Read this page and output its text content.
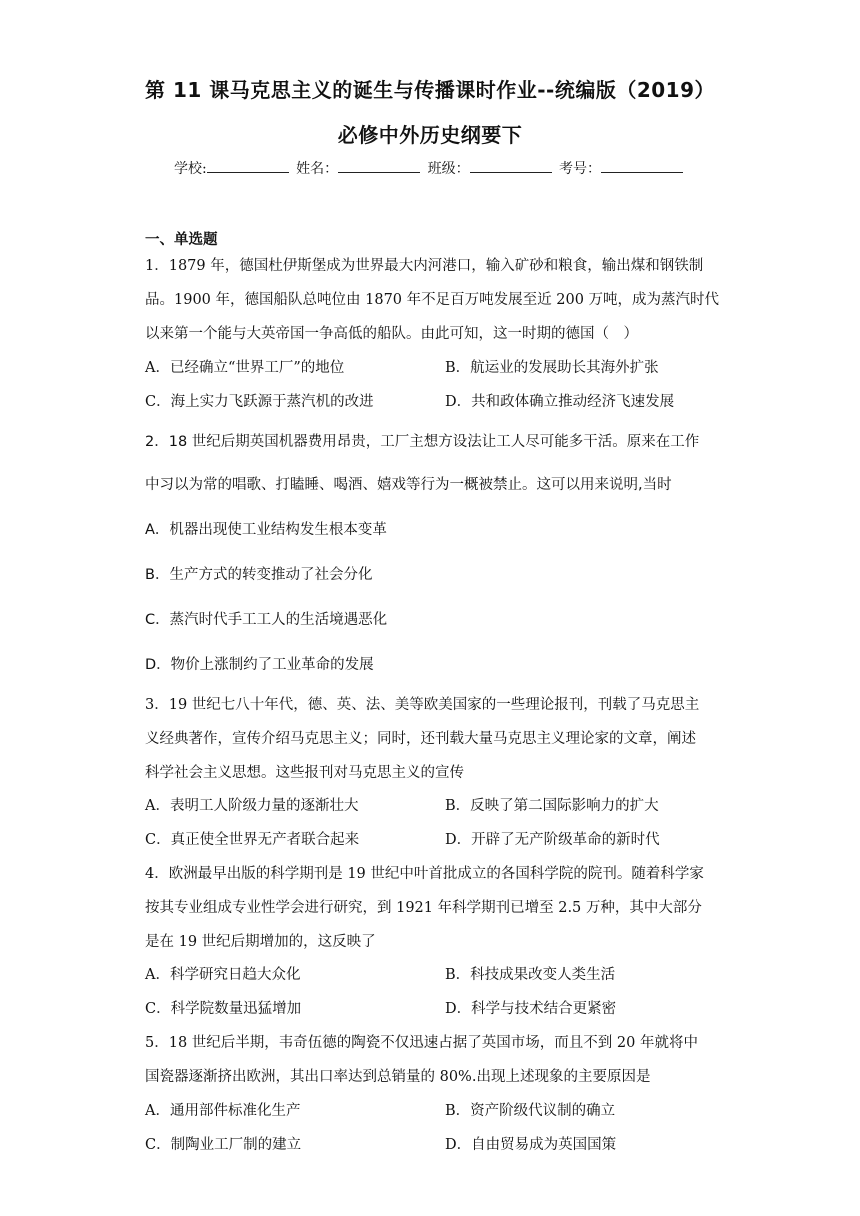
第 11 课马克思主义的诞生与传播课时作业--统编版（2019）
必修中外历史纲要下
学校:	姓名：	班级：	考号：
一、单选题
1．1879 年，德国杜伊斯堡成为世界最大内河港口，输入矿砂和粮食，输出煤和钢铁制
品。1900 年，德国船队总吨位由 1870 年不足百万吨发展至近 200 万吨，成为蒸汽时代
以来第一个能与大英帝国一争高低的船队。由此可知，这一时期的德国（　）
A．已经确立“世界工厂”的地位	B．航运业的发展助长其海外扩张
C．海上实力飞跃源于蒸汽机的改进	D．共和政体确立推动经济飞速发展
2．18 世纪后期英国机器费用昂贵，工厂主想方设法让工人尽可能多干活。原来在工作
中习以为常的唱歌、打瞌睡、喝酒、嬉戏等行为一概被禁止。这可以用来说明,当时
A．机器出现使工业结构发生根本变革
B．生产方式的转变推动了社会分化
C．蒸汽时代手工工人的生活境遇恶化
D．物价上涨制约了工业革命的发展
3．19 世纪七八十年代，德、英、法、美等欧美国家的一些理论报刊，刊载了马克思主
义经典著作，宣传介绍马克思主义；同时，还刊载大量马克思主义理论家的文章，阐述
科学社会主义思想。这些报刊对马克思主义的宣传
A．表明工人阶级力量的逐渐壮大	B．反映了第二国际影响力的扩大
C．真正使全世界无产者联合起来	D．开辟了无产阶级革命的新时代
4．欧洲最早出版的科学期刊是 19 世纪中叶首批成立的各国科学院的院刊。随着科学家
按其专业组成专业性学会进行研究，到 1921 年科学期刊已增至 2.5 万种，其中大部分
是在 19 世纪后期增加的，这反映了
A．科学研究日趋大众化	B．科技成果改变人类生活
C．科学院数量迅猛增加	D．科学与技术结合更紧密
5．18 世纪后半期，韦奇伍德的陶瓷不仅迅速占据了英国市场，而且不到 20 年就将中
国瓷器逐渐挤出欧洲，其出口率达到总销量的 80%.出现上述现象的主要原因是
A．通用部件标准化生产	B．资产阶级代议制的确立
C．制陶业工厂制的建立	D．自由贸易成为英国国策
